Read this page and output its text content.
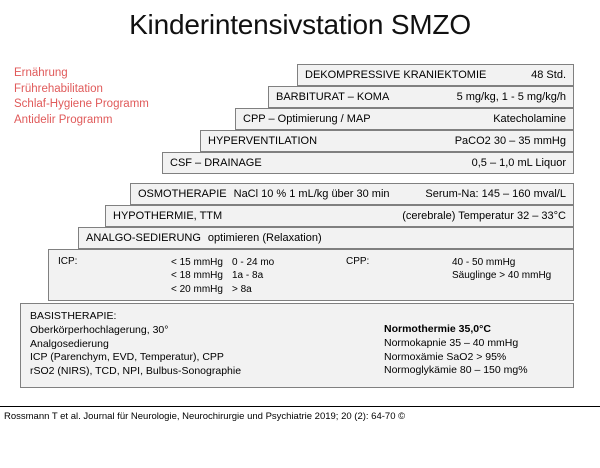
Kinderintensivstation SMZO
Ernährung
Frührehabilitation
Schlaf-Hygiene Programm
Antidelir Programm
DEKOMPRESSIVE KRANIEKTOMIE	48 Std.
BARBITURAT – KOMA	5 mg/kg, 1 - 5 mg/kg/h
CPP – Optimierung / MAP	Katecholamine
HYPERVENTILATION	PaCO2 30 – 35 mmHg
CSF – DRAINAGE	0,5 – 1,0 mL Liquor
OSMOTHERAPIE NaCl 10 % 1 mL/kg über 30 min	Serum-Na: 145 – 160 mval/L
HYPOTHERMIE, TTM	(cerebrale) Temperatur 32 – 33°C
ANALGO-SEDIERUNG optimieren (Relaxation)
ICP:	< 15 mmHg 0 - 24 mo
< 18 mmHg 1a - 8a
< 20 mmHg > 8a
CPP:	40 - 50 mmHg
Säuglinge > 40 mmHg
BASISTHERAPIE:
Oberkörperhochlagerung, 30°
Analgosedierung
ICP (Parenchym, EVD, Temperatur), CPP
rSO2 (NIRS), TCD, NPI, Bulbus-Sonographie
Normothermie 35,0°C
Normokapnie 35 – 40 mmHg
Normoxämie SaO2 > 95%
Normoglykämie 80 – 150 mg%
Rossmann T et al. Journal für Neurologie, Neurochirurgie und Psychiatrie 2019; 20 (2): 64-70 ©
